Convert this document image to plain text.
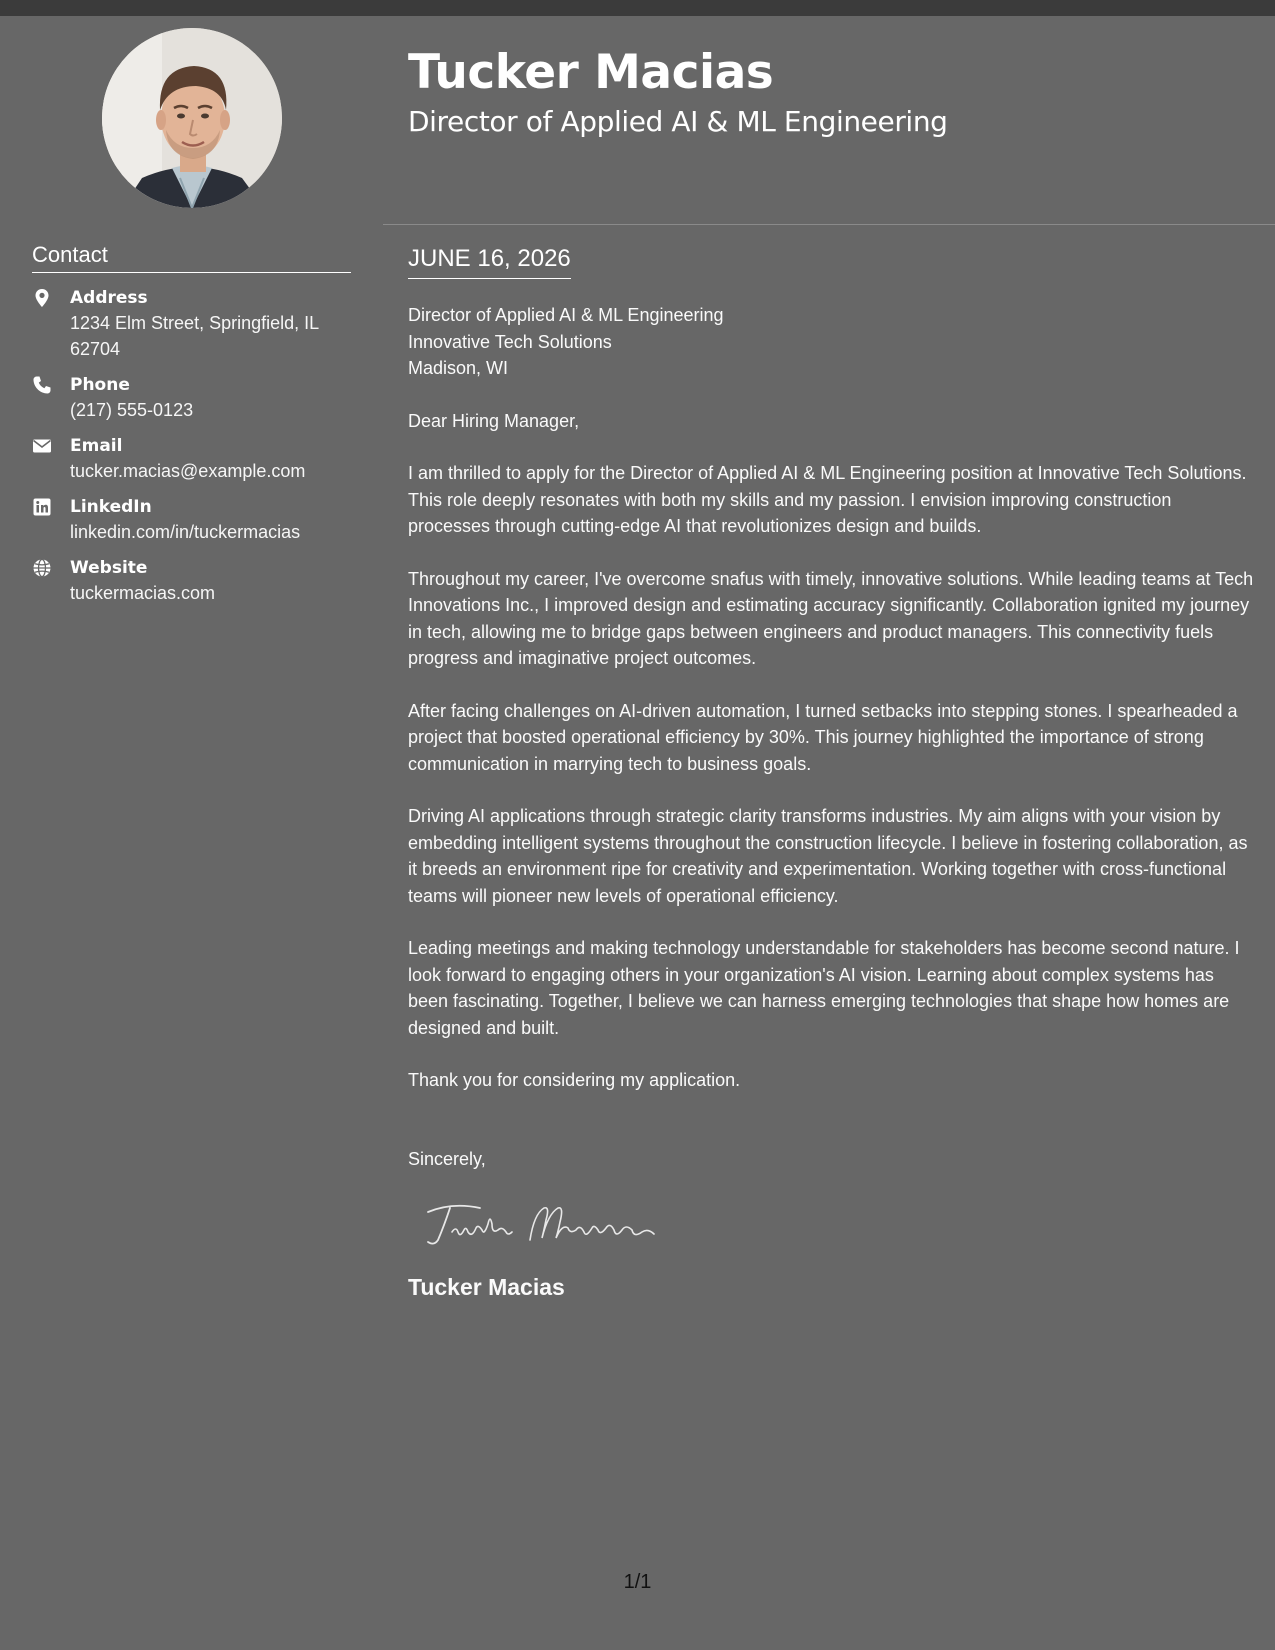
Contact
Address
1234 Elm Street, Springfield, IL 62704
Phone
(217) 555-0123
Email
tucker.macias@example.com
LinkedIn
linkedin.com/in/tuckermacias
Website
tuckermacias.com
Tucker Macias
Director of Applied AI & ML Engineering
JUNE 16, 2026
Director of Applied AI & ML Engineering
Innovative Tech Solutions
Madison, WI

Dear Hiring Manager,

I am thrilled to apply for the Director of Applied AI & ML Engineering position at Innovative Tech Solutions. This role deeply resonates with both my skills and my passion. I envision improving construction processes through cutting-edge AI that revolutionizes design and builds.

Throughout my career, I've overcome snafus with timely, innovative solutions. While leading teams at Tech Innovations Inc., I improved design and estimating accuracy significantly. Collaboration ignited my journey in tech, allowing me to bridge gaps between engineers and product managers. This connectivity fuels progress and imaginative project outcomes.

After facing challenges on AI-driven automation, I turned setbacks into stepping stones. I spearheaded a project that boosted operational efficiency by 30%. This journey highlighted the importance of strong communication in marrying tech to business goals.

Driving AI applications through strategic clarity transforms industries. My aim aligns with your vision by embedding intelligent systems throughout the construction lifecycle. I believe in fostering collaboration, as it breeds an environment ripe for creativity and experimentation. Working together with cross-functional teams will pioneer new levels of operational efficiency.

Leading meetings and making technology understandable for stakeholders has become second nature. I look forward to engaging others in your organization's AI vision. Learning about complex systems has been fascinating. Together, I believe we can harness emerging technologies that shape how homes are designed and built.

Thank you for considering my application.

Sincerely,
Tucker Macias
1/1
